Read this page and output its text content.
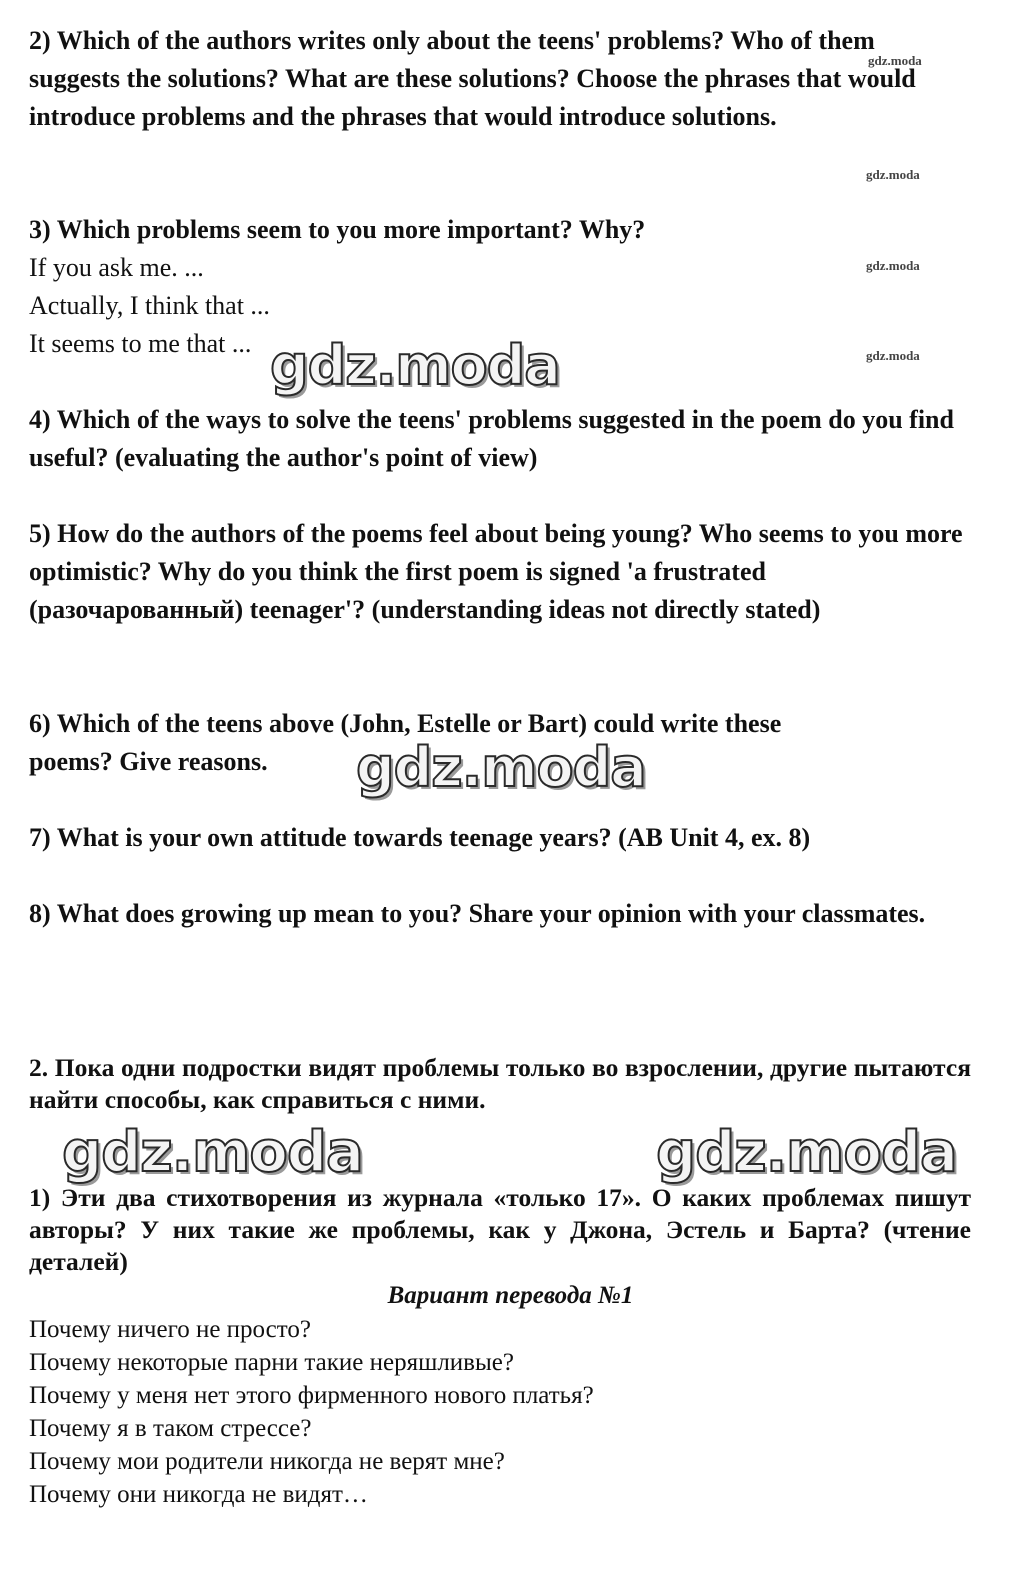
2) Which of the authors writes only about the teens' problems? Who of them suggests the solutions? What are these solutions? Choose the phrases that would introduce problems and the phrases that would introduce solutions.

3) Which problems seem to you more important? Why?

If you ask me. ...

Actually, I think that ...

It seems to me that ...

4) Which of the ways to solve the teens' problems suggested in the poem do you find useful? (evaluating the author's point of view)

5) How do the authors of the poems feel about being young? Who seems to you more optimistic? Why do you think the first poem is signed 'a frustrated (разочарованный) teenager'? (understanding ideas not directly stated)

6) Which of the teens above (John, Estelle or Bart) could write these poems? Give reasons.

7) What is your own attitude towards teenage years? (AB Unit 4, ex. 8)

8) What does growing up mean to you? Share your opinion with your classmates.

2. Пока одни подростки видят проблемы только во взрослении, другие пытаются найти способы, как справиться с ними.

1) Эти два стихотворения из журнала «только 17». О каких проблемах пишут авторы? У них такие же проблемы, как у Джона, Эстель и Барта? (чтение деталей)

Вариант перевода №1

Почему ничего не просто?

Почему некоторые парни такие неряшливые?

Почему у меня нет этого фирменного нового платья?

Почему я в таком стрессе?

Почему мои родители никогда не верят мне?

Почему они никогда не видят…

gdz.moda
gdz.moda
gdz.moda
gdz.moda
gdz.moda
gdz.moda
gdz.moda	gdz.moda
